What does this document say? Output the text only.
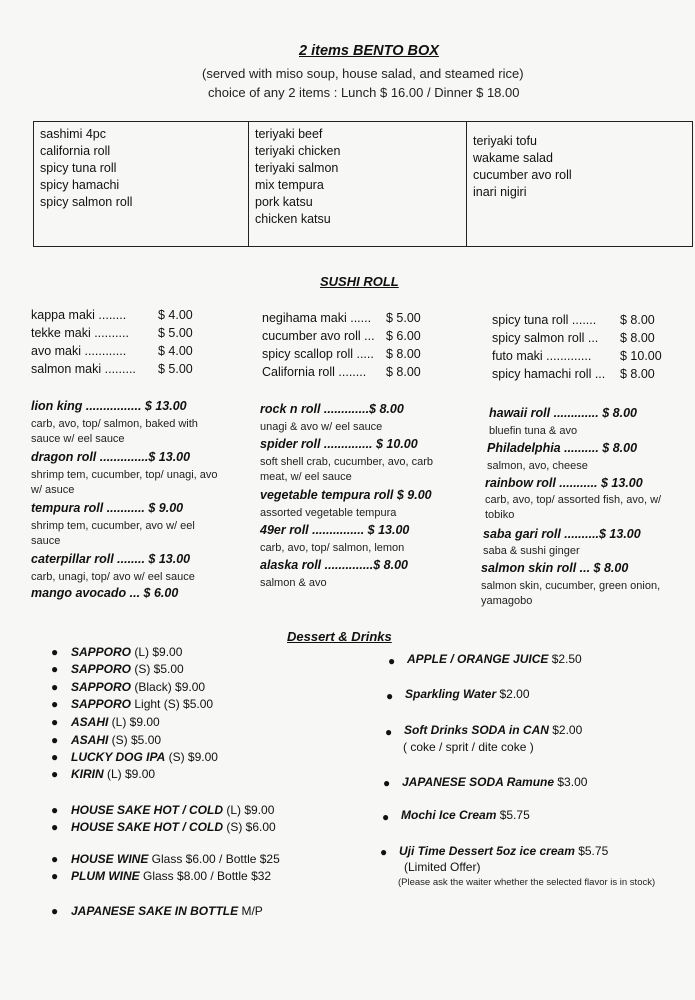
2 items BENTO BOX
(served with miso soup, house salad, and steamed rice)
choice of any 2 items : Lunch $ 16.00 / Dinner $ 18.00
sashimi 4pc
california roll
spicy tuna roll
spicy hamachi
spicy salmon roll
teriyaki beef
teriyaki chicken
teriyaki salmon
mix tempura
pork katsu
chicken katsu
teriyaki tofu
wakame salad
cucumber avo roll
inari nigiri
SUSHI ROLL
kappa maki ........	$ 4.00
tekke maki .......... $ 5.00
avo maki ............	$ 4.00
salmon maki ......... $ 5.00
negihama maki ...... $ 5.00
cucumber avo roll ... $ 6.00
spicy scallop roll ..... $ 8.00
California roll ........ $ 8.00
spicy tuna roll ....... $ 8.00
spicy salmon roll ... $ 8.00
futo maki ............. $ 10.00
spicy hamachi roll ... $ 8.00
lion king ................ $ 13.00
carb, avo, top/ salmon, baked with sauce w/ eel sauce
dragon roll ..............$ 13.00
shrimp tem, cucumber, top/ unagi, avo w/ asuce
tempura roll ........... $ 9.00
shrimp tem, cucumber, avo w/ eel sauce
caterpillar roll ........ $ 13.00
carb, unagi, top/ avo w/ eel sauce
mango avocado ... $ 6.00
rock n roll .............$ 8.00
unagi & avo w/ eel sauce
spider roll .............. $ 10.00
soft shell crab, cucumber, avo, carb meat, w/ eel sauce
vegetable tempura roll $ 9.00
assorted vegetable tempura
49er roll ............... $ 13.00
carb, avo, top/ salmon, lemon
alaska roll ..............$ 8.00
salmon & avo
hawaii roll ............. $ 8.00
bluefin tuna & avo
Philadelphia .......... $ 8.00
salmon, avo, cheese
rainbow roll ........... $ 13.00
carb, avo, top/ assorted fish, avo, w/ tobiko
saba gari roll ..........$ 13.00
saba & sushi ginger
salmon skin roll ... $ 8.00
salmon skin, cucumber, green onion, yamagobo
Dessert & Drinks
● SAPPORO (L) $9.00
● SAPPORO (S) $5.00
● SAPPORO (Black) $9.00
● SAPPORO Light (S) $5.00
● ASAHI (L) $9.00
● ASAHI (S) $5.00
● LUCKY DOG IPA (S) $9.00
● KIRIN (L) $9.00
● HOUSE SAKE HOT / COLD (L) $9.00
● HOUSE SAKE HOT / COLD (S) $6.00
● HOUSE WINE Glass $6.00 / Bottle $25
● PLUM WINE Glass $8.00 / Bottle $32
● JAPANESE SAKE IN BOTTLE M/P
● APPLE / ORANGE JUICE $2.50
● Sparkling Water $2.00
● Soft Drinks SODA in CAN $2.00
( coke / sprit / dite coke )
● JAPANESE SODA Ramune $3.00
● Mochi Ice Cream $5.75
● Uji Time Dessert 5oz ice cream $5.75
(Limited Offer)
(Please ask the waiter whether the selected flavor is in stock)
